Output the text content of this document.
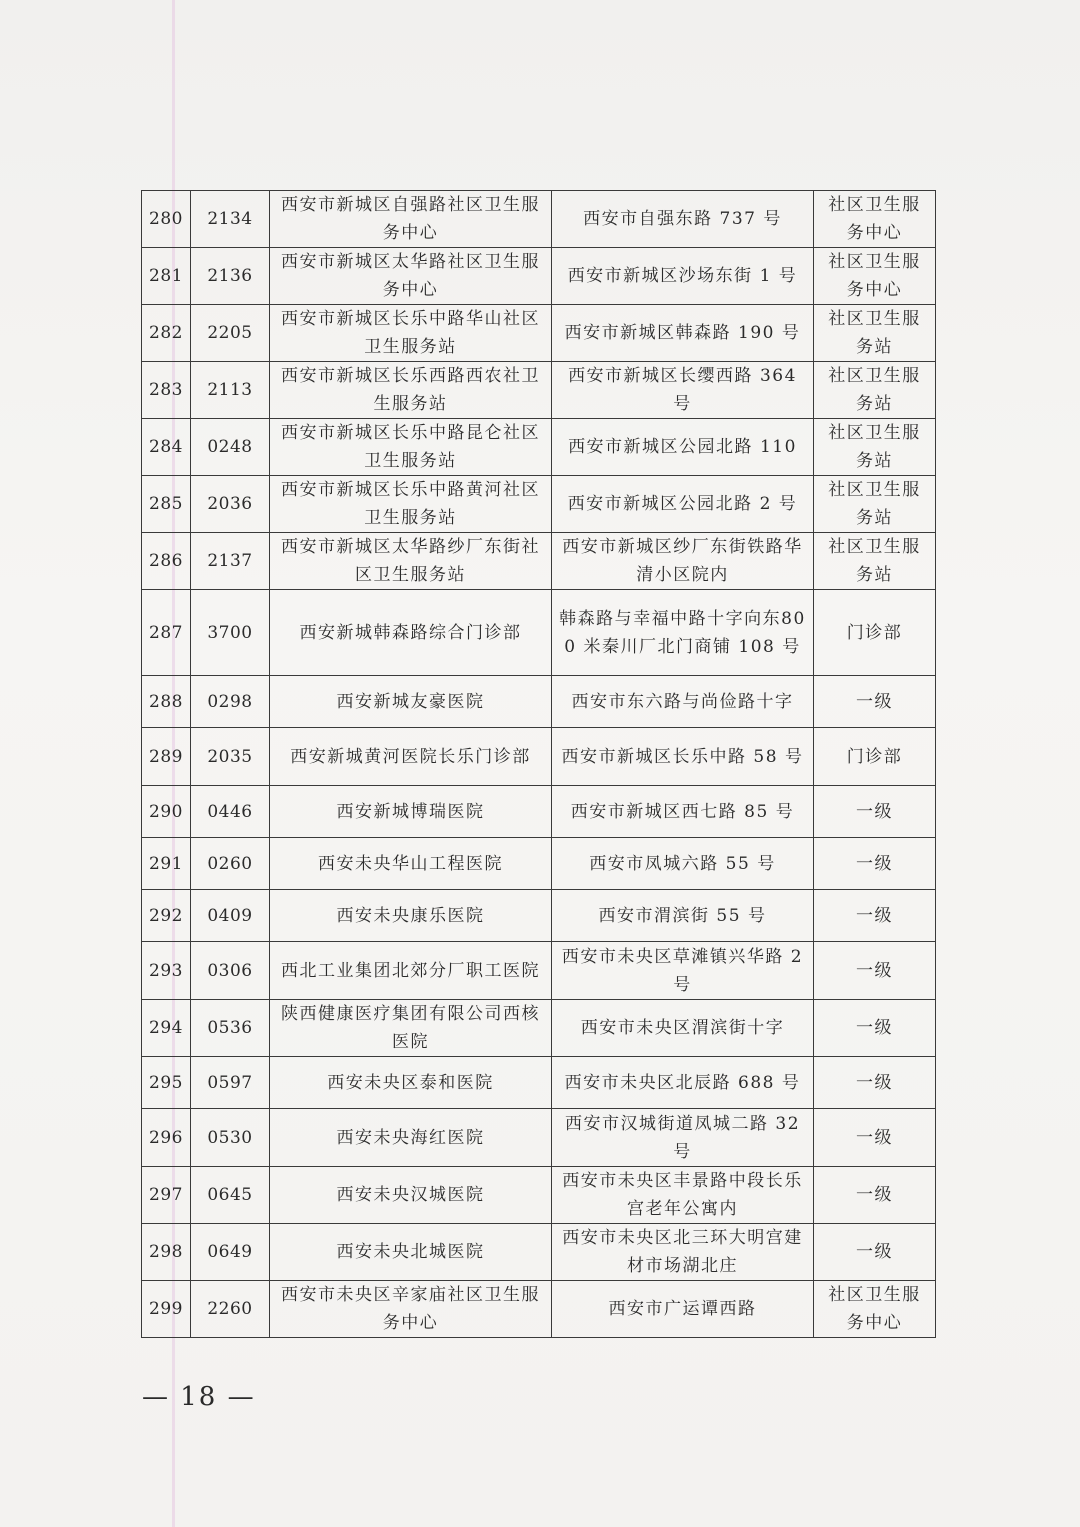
280	2134	西安市新城区自强路社区卫生服务中心	西安市自强东路 737 号	社区卫生服务中心
281	2136	西安市新城区太华路社区卫生服务中心	西安市新城区沙场东街 1 号	社区卫生服务中心
282	2205	西安市新城区长乐中路华山社区卫生服务站	西安市新城区韩森路 190 号	社区卫生服务站
283	2113	西安市新城区长乐西路西农社卫生服务站	西安市新城区长缨西路 364 号	社区卫生服务站
284	0248	西安市新城区长乐中路昆仑社区卫生服务站	西安市新城区公园北路 110	社区卫生服务站
285	2036	西安市新城区长乐中路黄河社区卫生服务站	西安市新城区公园北路 2 号	社区卫生服务站
286	2137	西安市新城区太华路纱厂东街社区卫生服务站	西安市新城区纱厂东街铁路华清小区院内	社区卫生服务站
287	3700	西安新城韩森路综合门诊部	韩森路与幸福中路十字向东800 米秦川厂北门商铺 108 号	门诊部
288	0298	西安新城友豪医院	西安市东六路与尚俭路十字	一级
289	2035	西安新城黄河医院长乐门诊部	西安市新城区长乐中路 58 号	门诊部
290	0446	西安新城博瑞医院	西安市新城区西七路 85 号	一级
291	0260	西安未央华山工程医院	西安市凤城六路 55 号	一级
292	0409	西安未央康乐医院	西安市渭滨街 55 号	一级
293	0306	西北工业集团北郊分厂职工医院	西安市未央区草滩镇兴华路 2 号	一级
294	0536	陕西健康医疗集团有限公司西核医院	西安市未央区渭滨街十字	一级
295	0597	西安未央区泰和医院	西安市未央区北辰路 688 号	一级
296	0530	西安未央海红医院	西安市汉城街道凤城二路 32 号	一级
297	0645	西安未央汉城医院	西安市未央区丰景路中段长乐宫老年公寓内	一级
298	0649	西安未央北城医院	西安市未央区北三环大明宫建材市场湖北庄	一级
299	2260	西安市未央区辛家庙社区卫生服务中心	西安市广运谭西路	社区卫生服务中心
— 18 —
